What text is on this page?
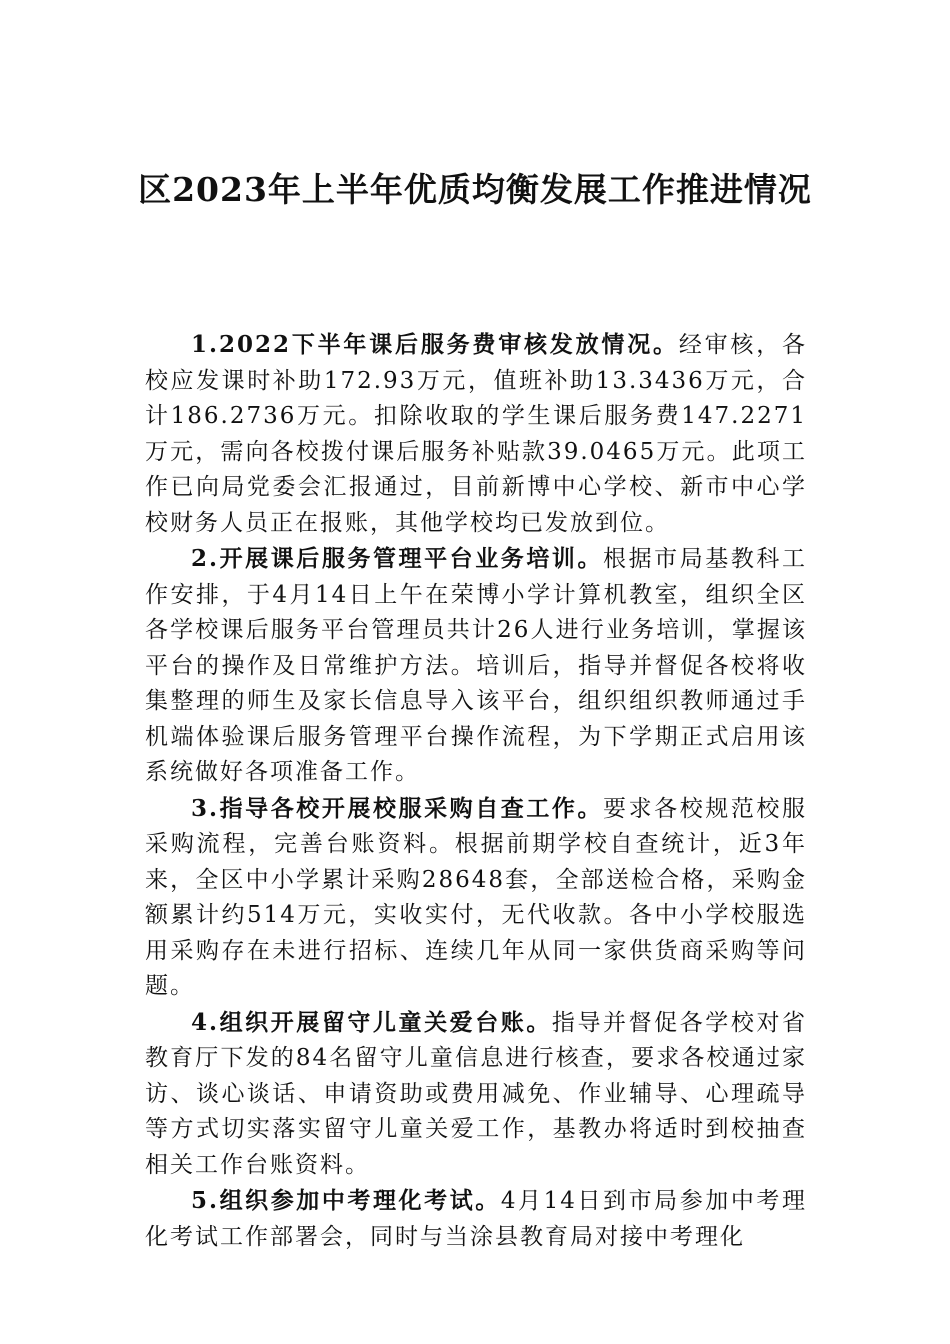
区2023年上半年优质均衡发展工作推进情况

1.2022下半年课后服务费审核发放情况。经审核，各校应发课时补助172.93万元，值班补助13.3436万元，合计186.2736万元。扣除收取的学生课后服务费147.2271万元，需向各校拨付课后服务补贴款39.0465万元。此项工作已向局党委会汇报通过，目前新博中心学校、新市中心学校财务人员正在报账，其他学校均已发放到位。

2.开展课后服务管理平台业务培训。根据市局基教科工作安排，于4月14日上午在荣博小学计算机教室，组织全区各学校课后服务平台管理员共计26人进行业务培训，掌握该平台的操作及日常维护方法。培训后，指导并督促各校将收集整理的师生及家长信息导入该平台，组织组织教师通过手机端体验课后服务管理平台操作流程，为下学期正式启用该系统做好各项准备工作。

3.指导各校开展校服采购自查工作。要求各校规范校服采购流程，完善台账资料。根据前期学校自查统计，近3年来，全区中小学累计采购28648套，全部送检合格，采购金额累计约514万元，实收实付，无代收款。各中小学校服选用采购存在未进行招标、连续几年从同一家供货商采购等问题。

4.组织开展留守儿童关爱台账。指导并督促各学校对省教育厅下发的84名留守儿童信息进行核查，要求各校通过家访、谈心谈话、申请资助或费用减免、作业辅导、心理疏导等方式切实落实留守儿童关爱工作，基教办将适时到校抽查相关工作台账资料。

5.组织参加中考理化考试。4月14日到市局参加中考理化考试工作部署会，同时与当涂县教育局对接中考理化
